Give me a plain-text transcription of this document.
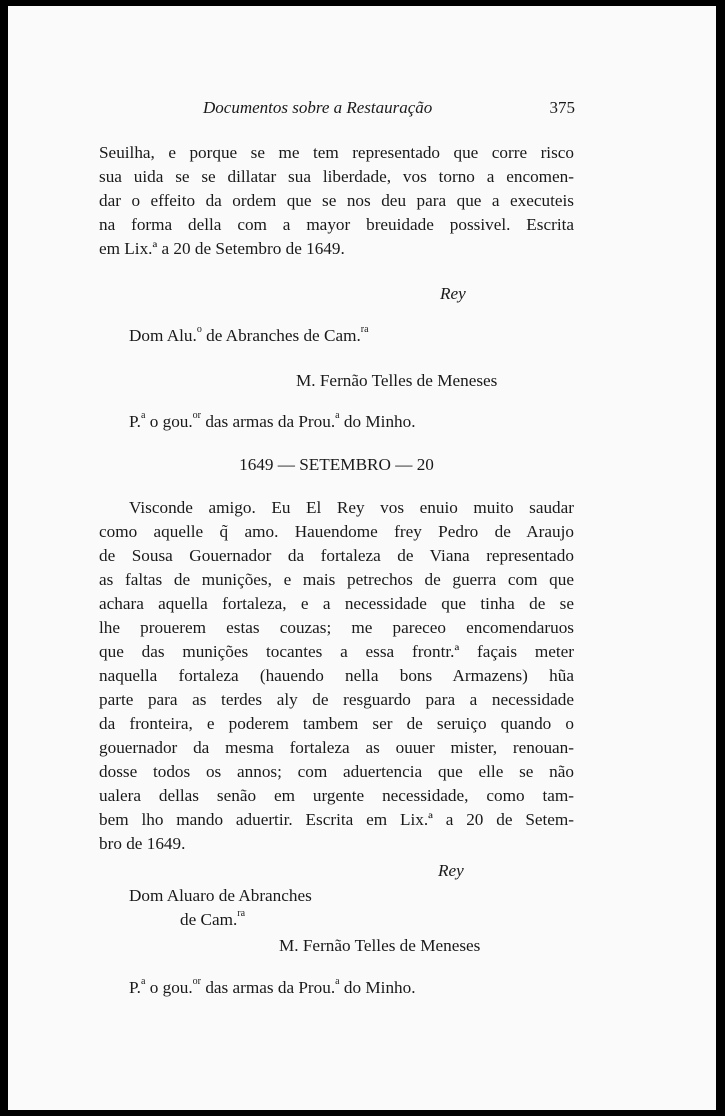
Documentos sobre a Restauração	375
Seuilha, e porque se me tem representado que corre risco
sua uida se se dillatar sua liberdade, vos torno a encomen-
dar o effeito da ordem que se nos deu para que a executeis
na forma della com a mayor breuidade possivel. Escrita
em Lix.ª a 20 de Setembro de 1649.
Rey
Dom Alu.$^o$ de Abranches de Cam.$^{ra}$
M. Fernão Telles de Meneses
P.$^a$ o gou.$^{or}$ das armas da Prou.$^a$ do Minho.
1649 — SETEMBRO — 20
Visconde amigo. Eu El Rey vos enuio muito saudar
como aquelle q̃ amo. Hauendome frey Pedro de Araujo
de Sousa Gouernador da fortaleza de Viana representado
as faltas de munições, e mais petrechos de guerra com que
achara aquella fortaleza, e a necessidade que tinha de se
lhe prouerem estas couzas; me pareceo encomendaruos
que das munições tocantes a essa frontr.ª façais meter
naquella fortaleza (hauendo nella bons Armazens) hũa
parte para as terdes aly de resguardo para a necessidade
da fronteira, e poderem tambem ser de seruiço quando o
gouernador da mesma fortaleza as ouuer mister, renouan-
dosse todos os annos; com aduertencia que elle se não
ualera dellas senão em urgente necessidade, como tam-
bem lho mando aduertir. Escrita em Lix.ª a 20 de Setem-
bro de 1649.
Rey
Dom Aluaro de Abranches
de Cam.$^{ra}$
M. Fernão Telles de Meneses
P.$^a$ o gou.$^{or}$ das armas da Prou.$^a$ do Minho.
